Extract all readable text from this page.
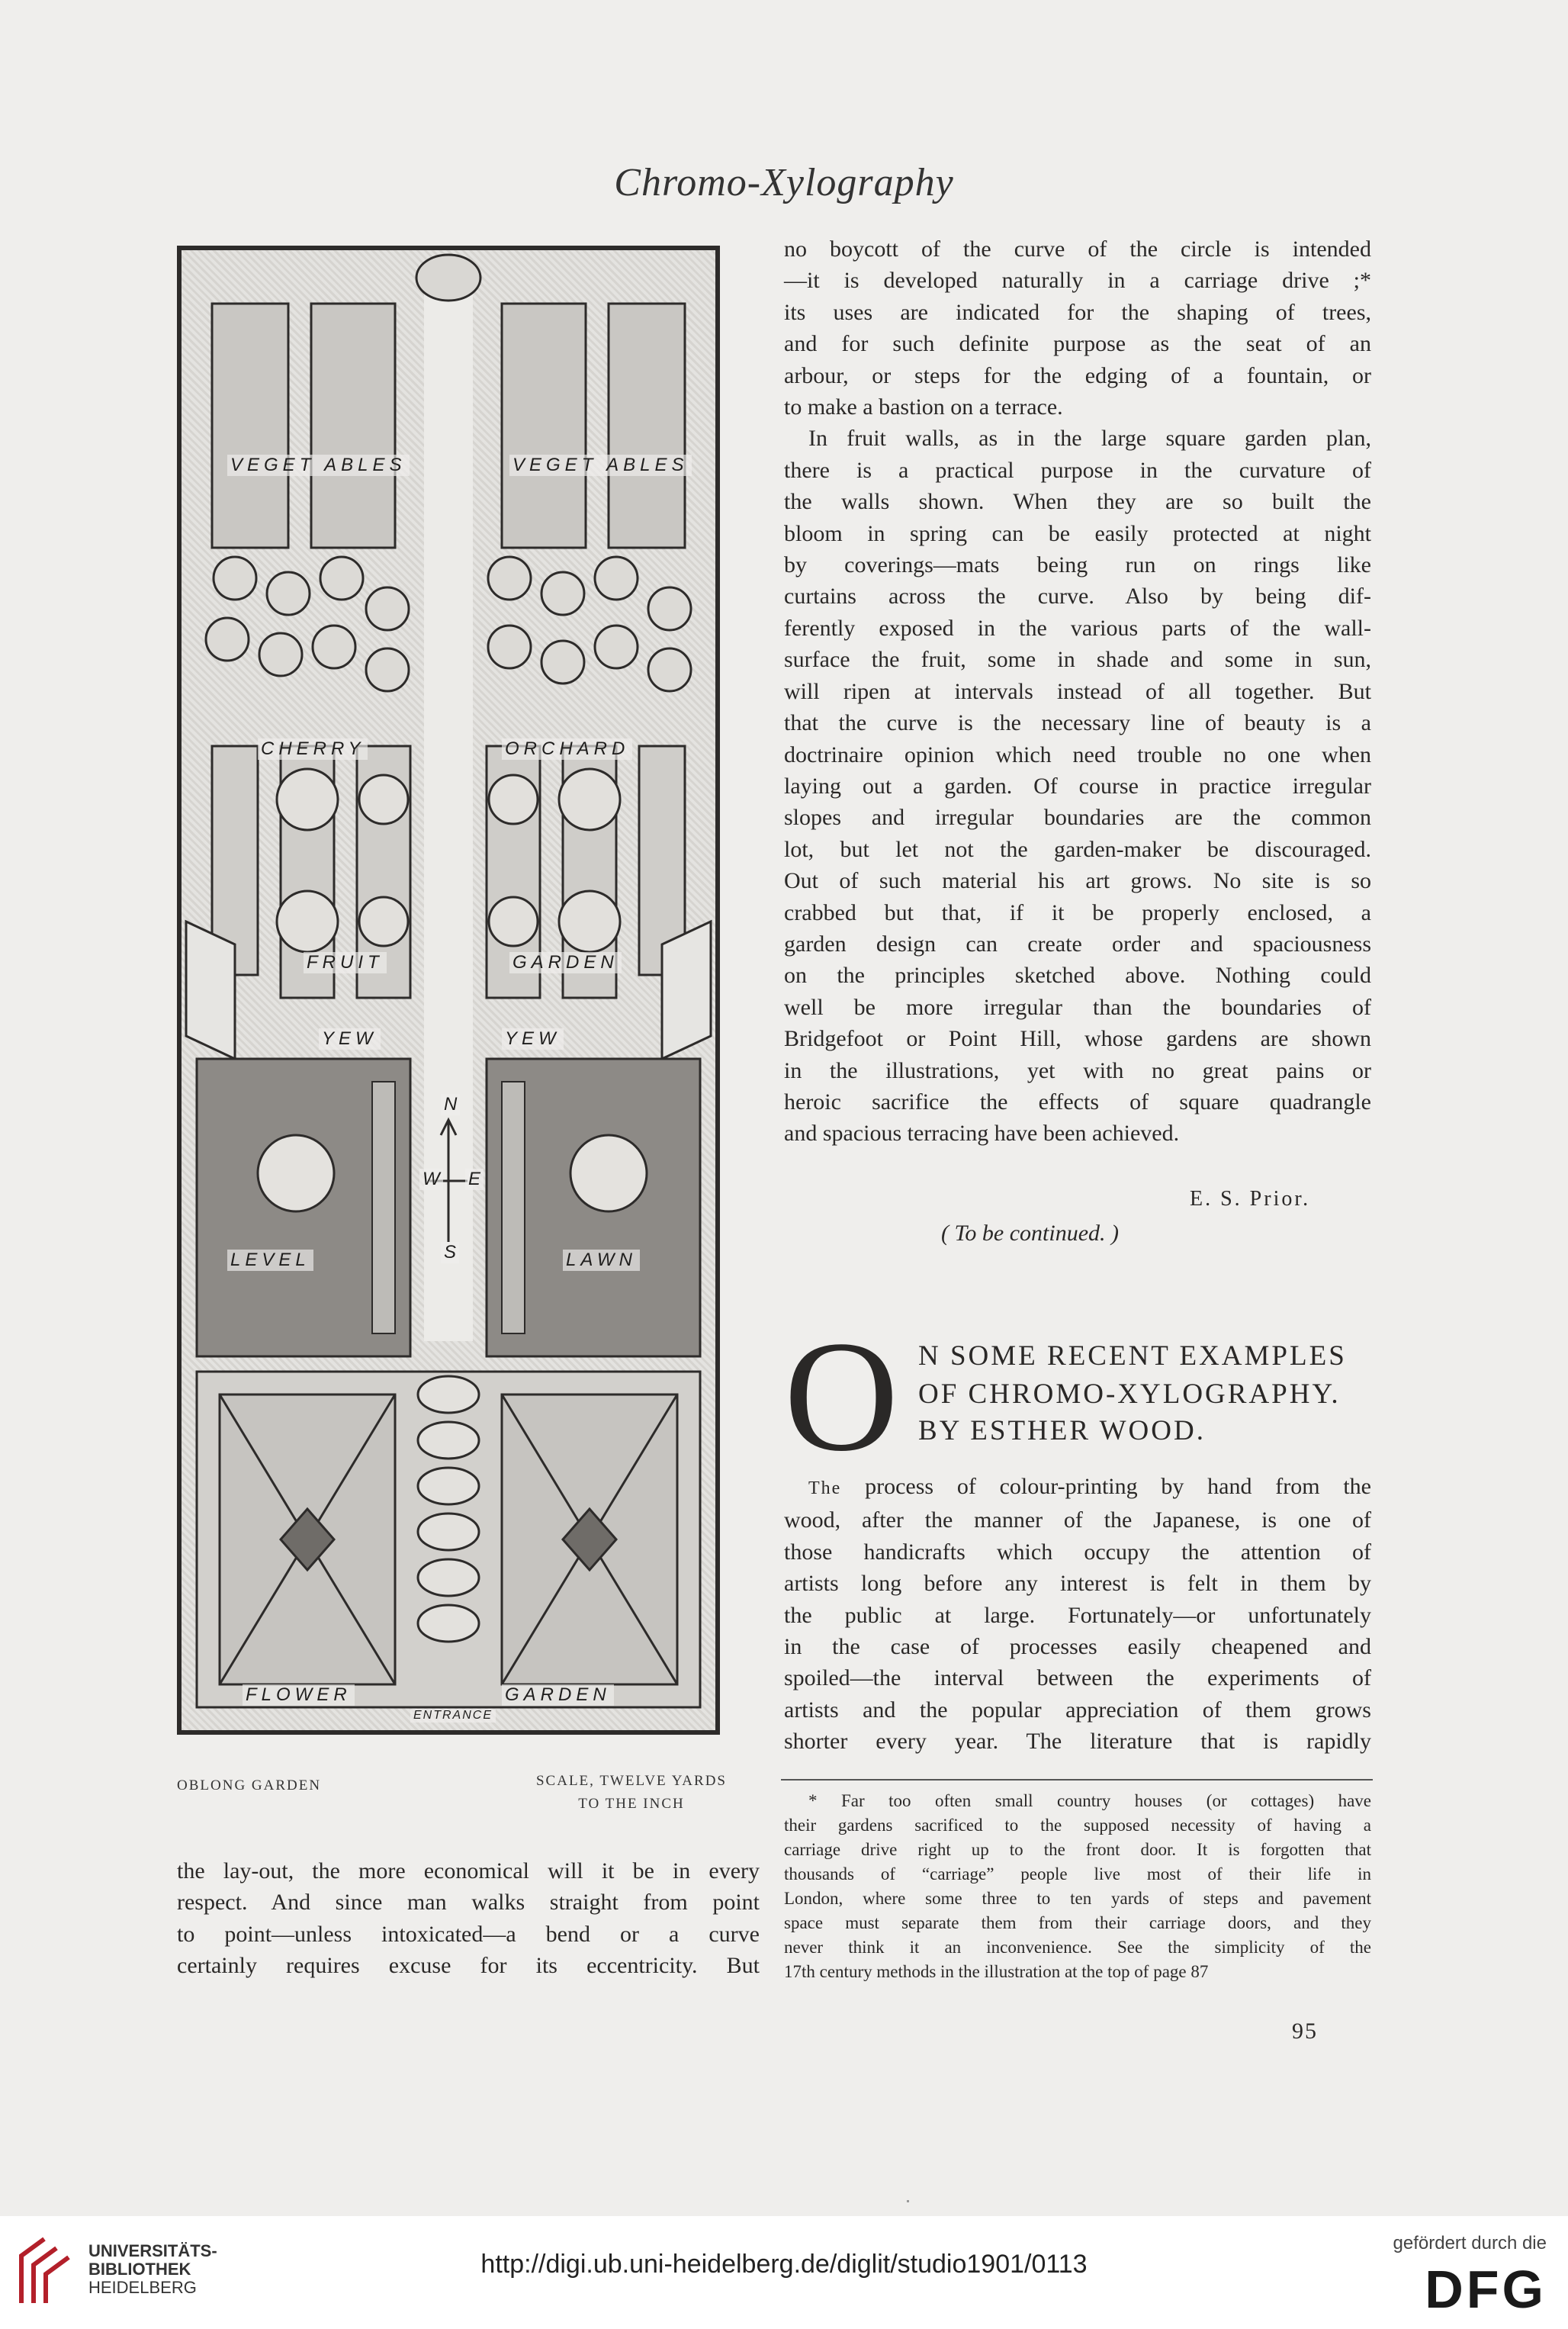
Chromo-Xylography
VEGET ABLES	VEGET ABLES
CHERRY	ORCHARD
FRUIT	GARDEN
YEW	YEW
LEVEL	LAWN
N
S
W E
FLOWER	GARDEN
ENTRANCE
OBLONG GARDEN	SCALE, TWELVE YARDS
TO THE INCH
no boycott of the curve of the circle is intended
—it is developed naturally in a carriage drive ;*
its uses are indicated for the shaping of trees,
and for such definite purpose as the seat of an
arbour, or steps for the edging of a fountain, or
to make a bastion on a terrace.
In fruit walls, as in the large square garden plan,
there is a practical purpose in the curvature of
the walls shown. When they are so built the
bloom in spring can be easily protected at night
by coverings—mats being run on rings like
curtains across the curve. Also by being dif-
ferently exposed in the various parts of the wall-
surface the fruit, some in shade and some in sun,
will ripen at intervals instead of all together. But
that the curve is the necessary line of beauty is a
doctrinaire opinion which need trouble no one when
laying out a garden. Of course in practice irregular
slopes and irregular boundaries are the common
lot, but let not the garden-maker be discouraged.
Out of such material his art grows. No site is so
crabbed but that, if it be properly enclosed, a
garden design can create order and spaciousness
on the principles sketched above. Nothing could
well be more irregular than the boundaries of
Bridgefoot or Point Hill, whose gardens are shown
in the illustrations, yet with no great pains or
heroic sacrifice the effects of square quadrangle
and spacious terracing have been achieved.
E. S. Prior.
( To be continued. )
O N SOME RECENT EXAMPLES
OF CHROMO-XYLOGRAPHY.
BY ESTHER WOOD.
The process of colour-printing by hand from the
wood, after the manner of the Japanese, is one of
those handicrafts which occupy the attention of
artists long before any interest is felt in them by
the public at large. Fortunately—or unfortunately
in the case of processes easily cheapened and
spoiled—the interval between the experiments of
artists and the popular appreciation of them grows
shorter every year. The literature that is rapidly
the lay-out, the more economical will it be in every
respect. And since man walks straight from point
to point—unless intoxicated—a bend or a curve
certainly requires excuse for its eccentricity. But
* Far too often small country houses (or cottages) have
their gardens sacrificed to the supposed necessity of having a
carriage drive right up to the front door. It is forgotten that
thousands of “carriage” people live most of their life in
London, where some three to ten yards of steps and pavement
space must separate them from their carriage doors, and they
never think it an inconvenience. See the simplicity of the
17th century methods in the illustration at the top of page 87
95
UNIVERSITÄTS-
BIBLIOTHEK
HEIDELBERG
http://digi.ub.uni-heidelberg.de/diglit/studio1901/0113
gefördert durch die
DFG
